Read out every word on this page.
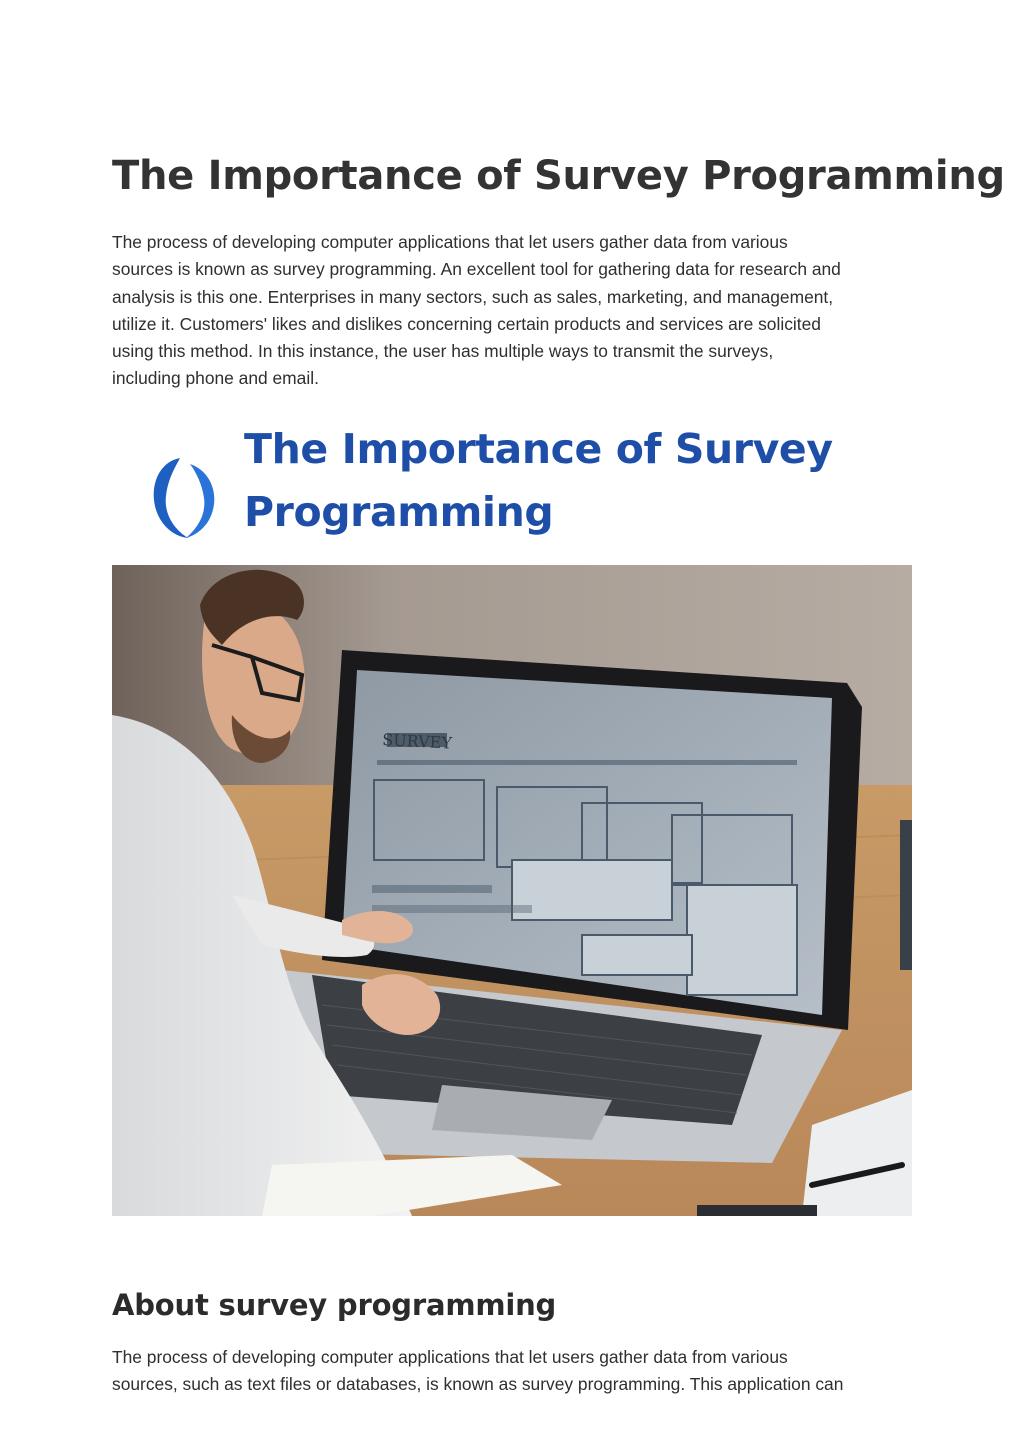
The Importance of Survey Programming

The process of developing computer applications that let users gather data from various
sources is known as survey programming. An excellent tool for gathering data for research and
analysis is this one. Enterprises in many sectors, such as sales, marketing, and management,
utilize it. Customers' likes and dislikes concerning certain products and services are solicited
using this method. In this instance, the user has multiple ways to transmit the surveys,
including phone and email.

The Importance of Survey
Programming
SURVEY
About survey programming

The process of developing computer applications that let users gather data from various
sources, such as text files or databases, is known as survey programming. This application can
